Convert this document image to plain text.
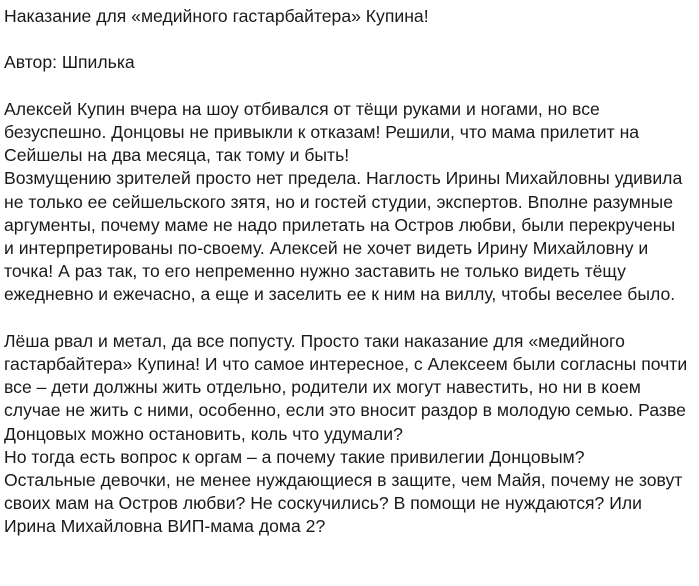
Наказание для «медийного гастарбайтера» Купина!

Автор: Шпилька

Алексей Купин вчера на шоу отбивался от тёщи руками и ногами, но все
безуспешно. Донцовы не привыкли к отказам! Решили, что мама прилетит на
Сейшелы на два месяца, так тому и быть!

Возмущению зрителей просто нет предела. Наглость Ирины Михайловны удивила
не только ее сейшельского зятя, но и гостей студии, экспертов. Вполне разумные
аргументы, почему маме не надо прилетать на Остров любви, были перекручены
и интерпретированы по-своему. Алексей не хочет видеть Ирину Михайловну и
точка! А раз так, то его непременно нужно заставить не только видеть тёщу
ежедневно и ежечасно, а еще и заселить ее к ним на виллу, чтобы веселее было.

Лёша рвал и метал, да все попусту. Просто таки наказание для «медийного
гастарбайтера» Купина! И что самое интересное, с Алексеем были согласны почти
все – дети должны жить отдельно, родители их могут навестить, но ни в коем
случае не жить с ними, особенно, если это вносит раздор в молодую семью. Разве
Донцовых можно остановить, коль что удумали?

Но тогда есть вопрос к оргам – а почему такие привилегии Донцовым?
Остальные девочки, не менее нуждающиеся в защите, чем Майя, почему не зовут
своих мам на Остров любви? Не соскучились? В помощи не нуждаются? Или
Ирина Михайловна ВИП-мама дома 2?
